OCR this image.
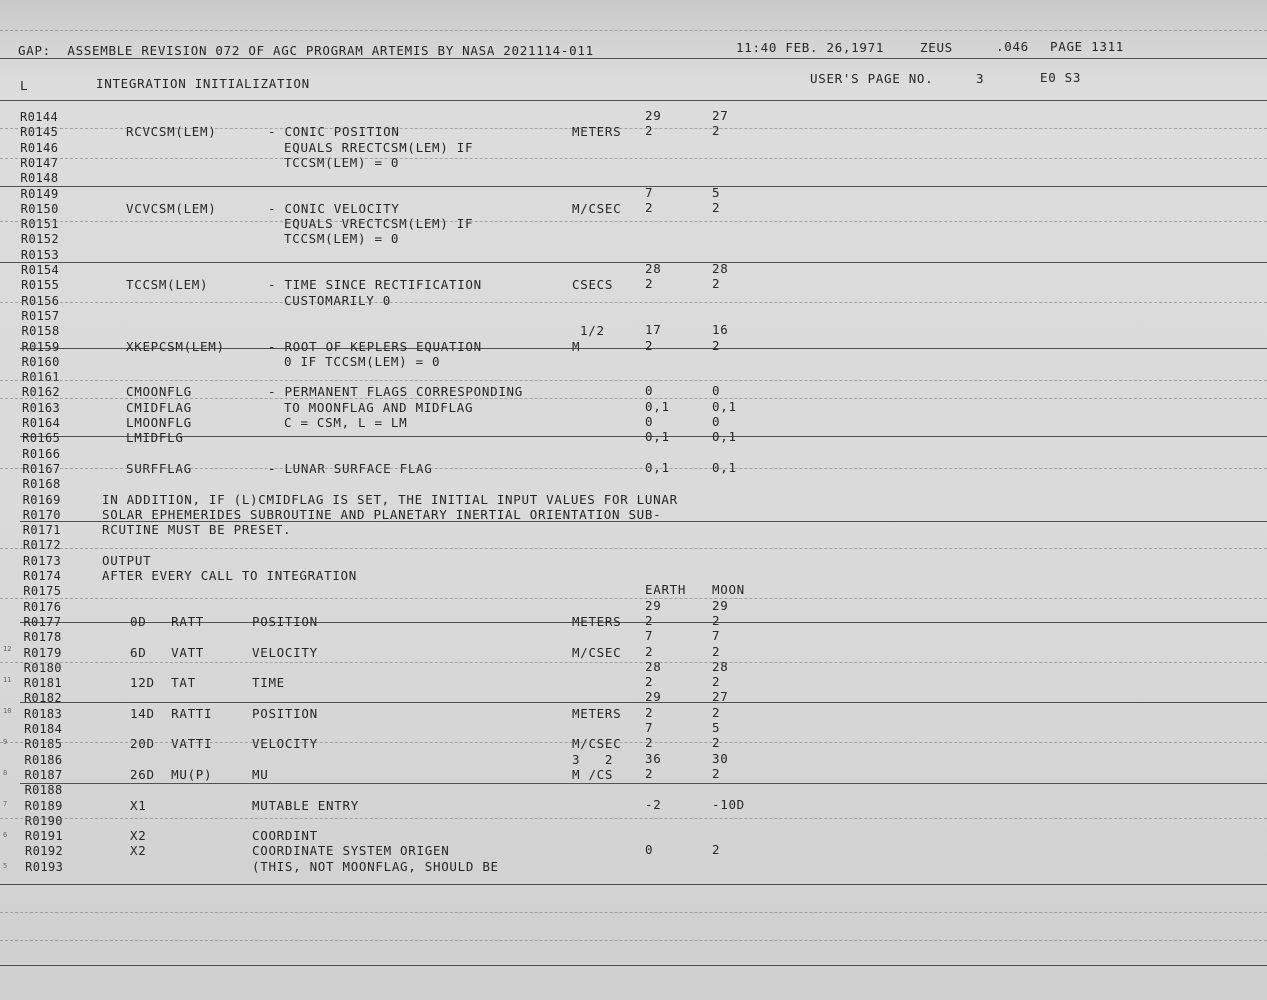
GAP:  ASSEMBLE REVISION 072 OF AGC PROGRAM ARTEMIS BY NASA 2021114-011	11:40 FEB. 26,1971	ZEUS	.046 PAGE 1311
L	INTEGRATION INITIALIZATION	USER'S PAGE NO.	3	E0 S3
R0144	29	27
R0145	RCVCSM(LEM)	- CONIC POSITION	METERS 2	2
R0146	EQUALS RRECTCSM(LEM) IF
R0147	TCCSM(LEM) = 0
R0148
R0149	7	5
R0150	VCVCSM(LEM)	- CONIC VELOCITY	M/CSEC 2	2
R0151	EQUALS VRECTCSM(LEM) IF
R0152	TCCSM(LEM) = 0
R0153
R0154	28	28
R0155	TCCSM(LEM)	- TIME SINCE RECTIFICATION	CSECS	2	2
R0156	CUSTOMARILY 0
R0157
R0158	1/2	17	16
R0159	XKEPCSM(LEM)	- ROOT OF KEPLERS EQUATION	M	2	2
R0160	0 IF TCCSM(LEM) = 0
R0161
R0162	CMOONFLG	- PERMANENT FLAGS CORRESPONDING	0	0
R0163	CMIDFLAG	TO MOONFLAG AND MIDFLAG	0,1	0,1
R0164	LMOONFLG	C = CSM, L = LM	0	0
R0165	LMIDFLG	0,1	0,1
R0166
R0167	SURFFLAG	- LUNAR SURFACE FLAG	0,1	0,1
R0168
R0169	IN ADDITION, IF (L)CMIDFLAG IS SET, THE INITIAL INPUT VALUES FOR LUNAR
R0170	SOLAR EPHEMERIDES SUBROUTINE AND PLANETARY INERTIAL ORIENTATION SUB-
R0171	RCUTINE MUST BE PRESET.
R0172
R0173	OUTPUT
R0174	AFTER EVERY CALL TO INTEGRATION
R0175	EARTH MOON
R0176	29	29
R0177	0D   RATT	POSITION	METERS 2	2
R0178	7	7
R0179	6D   VATT	VELOCITY	M/CSEC 2	2
R0180	28	28
R0181	12D  TAT	TIME	2	2
R0182	29	27
R0183	14D  RATTI	POSITION	METERS 2	2
R0184	7	5
R0185	20D  VATTI	VELOCITY	M/CSEC 2	2
R0186	3   2	36	30
R0187	26D  MU(P)	MU	M /CS	2	2
R0188
R0189	X1	MUTABLE ENTRY	-2	-10D
R0190
R0191	X2	COORDINT
R0192	X2	COORDINATE SYSTEM ORIGEN	0	2
R0193	(THIS, NOT MOONFLAG, SHOULD BE
12
11
10
9
8
7
6
5
